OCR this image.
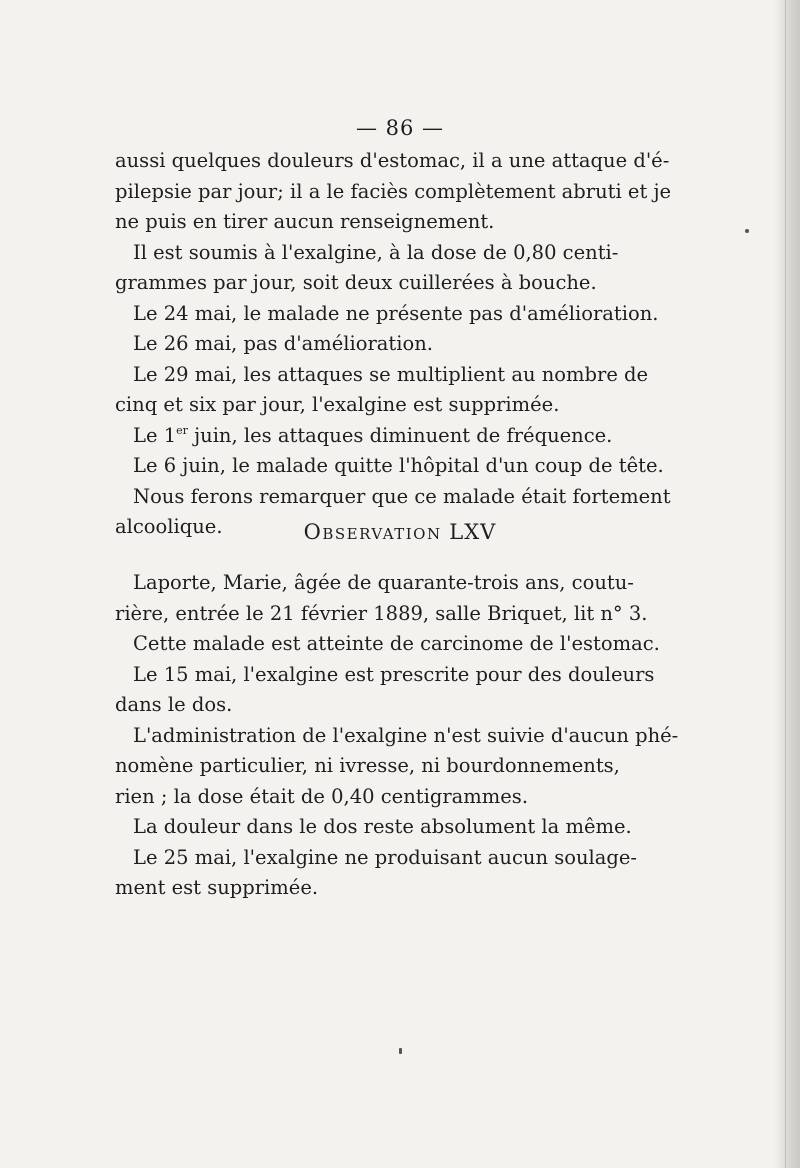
— 86 —
aussi quelques douleurs d'estomac, il a une attaque d'é-
pilepsie par jour; il a le faciès complètement abruti et je
ne puis en tirer aucun renseignement.
Il est soumis à l'exalgine, à la dose de 0,80 centi-
grammes par jour, soit deux cuillerées à bouche.
Le 24 mai, le malade ne présente pas d'amélioration.
Le 26 mai, pas d'amélioration.
Le 29 mai, les attaques se multiplient au nombre de
cinq et six par jour, l'exalgine est supprimée.
Le 1er juin, les attaques diminuent de fréquence.
Le 6 juin, le malade quitte l'hôpital d'un coup de tête.
Nous ferons remarquer que ce malade était fortement
alcoolique.	Observation LXV
Laporte, Marie, âgée de quarante-trois ans, coutu-
rière, entrée le 21 février 1889, salle Briquet, lit n° 3.
Cette malade est atteinte de carcinome de l'estomac.
Le 15 mai, l'exalgine est prescrite pour des douleurs
dans le dos.
L'administration de l'exalgine n'est suivie d'aucun phé-
nomène particulier, ni ivresse, ni bourdonnements,
rien ; la dose était de 0,40 centigrammes.
La douleur dans le dos reste absolument la même.
Le 25 mai, l'exalgine ne produisant aucun soulage-
ment est supprimée.
